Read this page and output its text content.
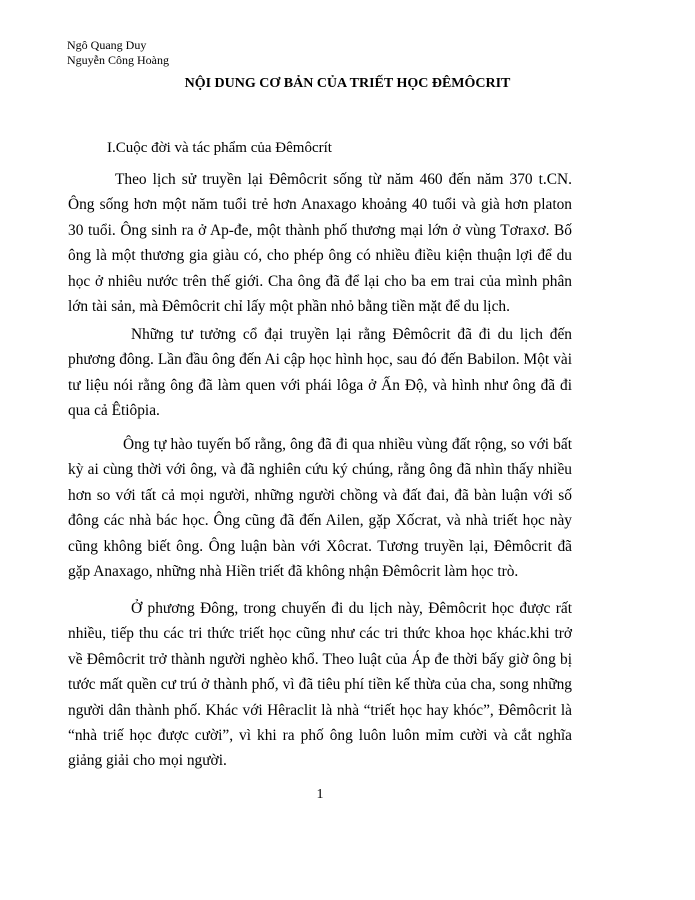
Ngô Quang Duy
Nguyễn Công Hoàng
NỘI DUNG CƠ BẢN CỦA TRIẾT HỌC ĐÊMÔCRIT
I.Cuộc đời và tác phẩm của Đêmôcrít

Theo lịch sử truyền lại Đêmôcrit sống từ năm 460 đến năm 370 t.CN. Ông sống hơn một năm tuổi trẻ hơn Anaxago khoảng 40 tuổi và già hơn platon 30 tuổi. Ông sinh ra ở Ap-đe, một thành phố thương mại lớn ở vùng Tơraxơ. Bố ông là một thương gia giàu có, cho phép ông có nhiều điều kiện thuận lợi để du học ở nhiêu nước trên thế giới. Cha ông đã để lại cho ba em trai của mình phân lớn tài sản, mà Đêmôcrit chỉ lấy một phần nhỏ bằng tiền mặt để du lịch.

Những tư tưởng cổ đại truyền lại rằng Đêmôcrit đã đi du lịch đến phương đông. Lần đầu ông đến Ai cập học hình học, sau đó đến Babilon. Một vài tư liệu nói rằng ông đã làm quen với phái lôga ở Ấn Độ, và hình như ông đã đi qua cả Êtiôpia.

Ông tự hào tuyến bố rằng, ông đã đi qua nhiều vùng đất rộng, so với bất kỳ ai cùng thời với ông, và đã nghiên cứu ký chúng, rằng ông đã nhìn thấy nhiều hơn so với tất cả mọi người, những người chồng và đất đai, đã bàn luận với số đông các nhà bác học. Ông cũng đã đến Ailen, gặp Xốcrat, và nhà triết học này cũng không biết ông. Ông luận bàn với Xôcrat. Tương truyền lại, Đêmôcrit đã gặp Anaxago, những nhà Hiền triết đã không nhận Đêmôcrit làm học trò.

Ở phương Đông, trong chuyến đi du lịch này, Đêmôcrit học được rất nhiều, tiếp thu các tri thức triết học cũng như các tri thức khoa học khác.khi trở về Đêmôcrit trở thành người nghèo khổ. Theo luật của Áp đe thời bấy giờ ông bị tước mất quền cư trú ở thành phố, vì đã tiêu phí tiền kế thừa của cha, song những người dân thành phố. Khác với Hêraclit là nhà “triết học hay khóc”, Đêmôcrit là “nhà triế học được cười”, vì khi ra phố ông luôn luôn mỉm cười và cắt nghĩa giảng giải cho mọi người.

1
